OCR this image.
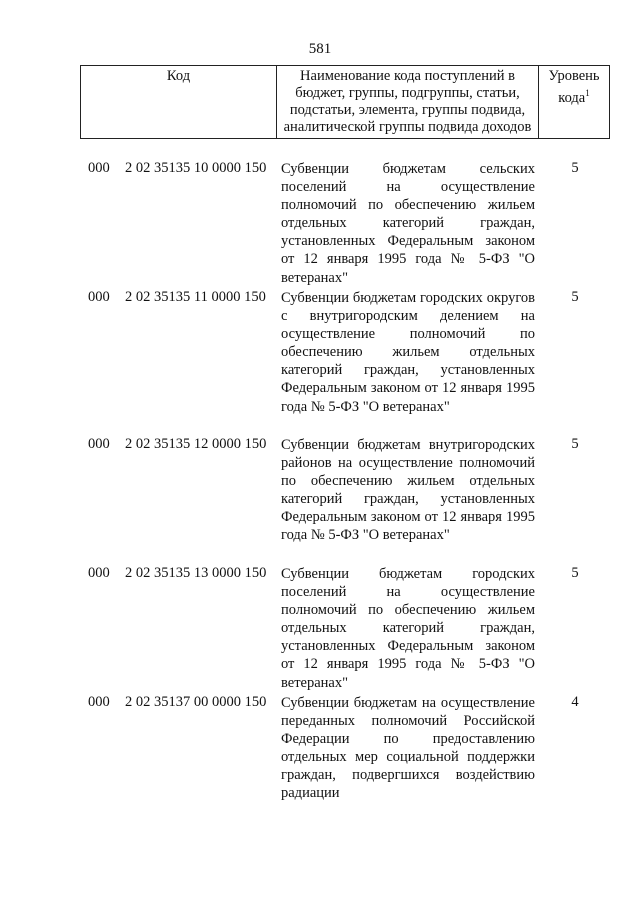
581
Код	Наименование кода поступлений в бюджет, группы, подгруппы, статьи, подстатьи, элемента, группы подвида, аналитической группы подвида доходов
Уровень кода$^1$
000 2 02 35135 10 0000 150 Субвенции бюджетам сельских поселений на осуществление полномочий по обеспечению жильем отдельных категорий граждан, установленных Федеральным законом от 12 января 1995 года № 5-ФЗ "О ветеранах"
5
000 2 02 35135 11 0000 150 Субвенции бюджетам городских округов с внутригородским делением на осуществление полномочий по обеспечению жильем отдельных категорий граждан, установленных Федеральным законом от 12 января 1995 года № 5-ФЗ "О ветеранах"
5
000 2 02 35135 12 0000 150 Субвенции бюджетам внутригородских районов на осуществление полномочий по обеспечению жильем отдельных категорий граждан, установленных Федеральным законом от 12 января 1995 года № 5-ФЗ "О ветеранах"
5
000 2 02 35135 13 0000 150 Субвенции бюджетам городских поселений на осуществление полномочий по обеспечению жильем отдельных категорий граждан, установленных Федеральным законом от 12 января 1995 года № 5-ФЗ "О ветеранах"
5
000 2 02 35137 00 0000 150 Субвенции бюджетам на осуществление переданных полномочий Российской Федерации по предоставлению отдельных мер социальной поддержки граждан, подвергшихся воздействию радиации
4
